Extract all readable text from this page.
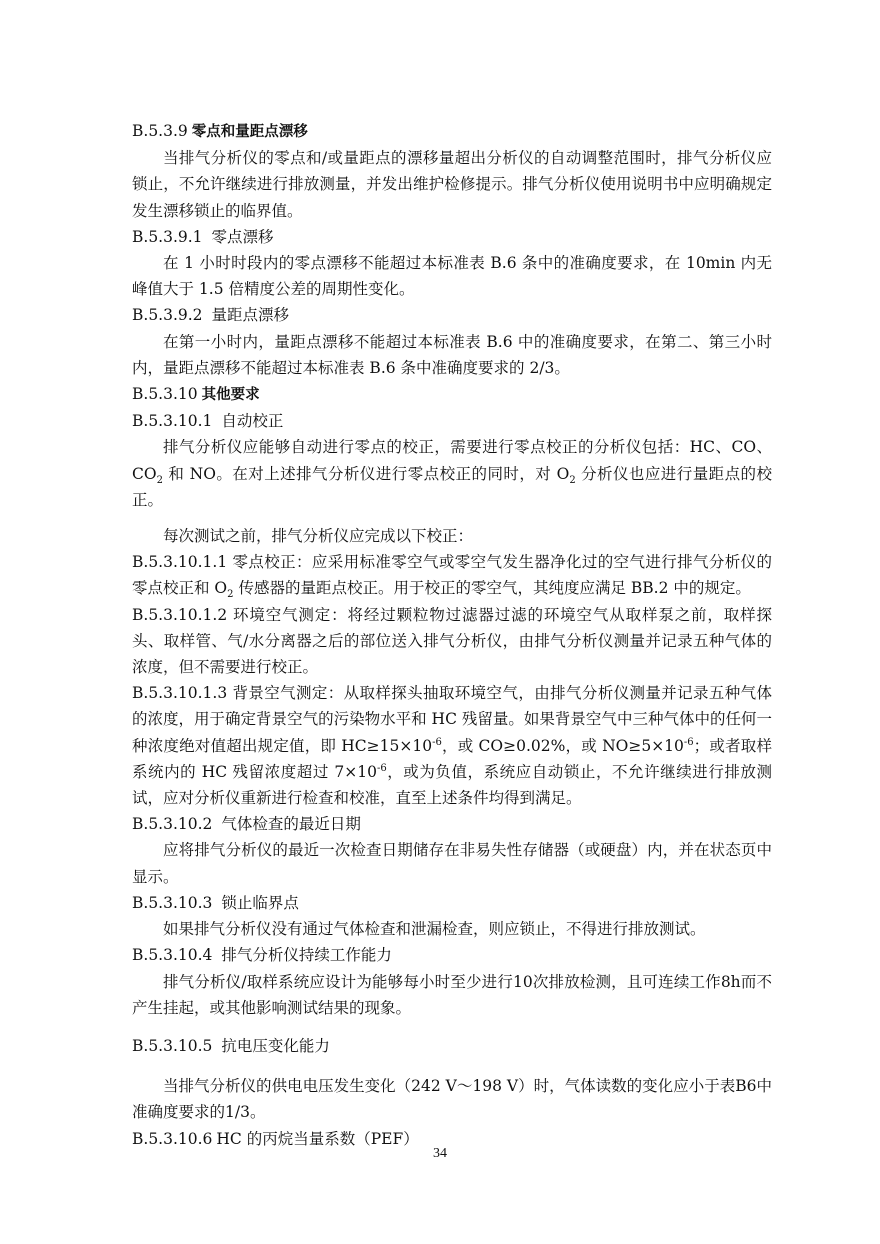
B.5.3.9 零点和量距点漂移

当排气分析仪的零点和/或量距点的漂移量超出分析仪的自动调整范围时，排气分析仪应锁止，不允许继续进行排放测量，并发出维护检修提示。排气分析仪使用说明书中应明确规定发生漂移锁止的临界值。

B.5.3.9.1 零点漂移

在 1 小时时段内的零点漂移不能超过本标准表 B.6 条中的准确度要求，在 10min 内无峰值大于 1.5 倍精度公差的周期性变化。

B.5.3.9.2 量距点漂移

在第一小时内，量距点漂移不能超过本标准表 B.6 中的准确度要求，在第二、第三小时内，量距点漂移不能超过本标准表 B.6 条中准确度要求的 2/3。

B.5.3.10 其他要求

B.5.3.10.1 自动校正

排气分析仪应能够自动进行零点的校正，需要进行零点校正的分析仪包括：HC、CO、$CO_2$ 和 NO。在对上述排气分析仪进行零点校正的同时，对 $O_2$ 分析仪也应进行量距点的校正。

每次测试之前，排气分析仪应完成以下校正：

B.5.3.10.1.1 零点校正：应采用标准零空气或零空气发生器净化过的空气进行排气分析仪的零点校正和 $O_2$ 传感器的量距点校正。用于校正的零空气，其纯度应满足 BB.2 中的规定。

B.5.3.10.1.2 环境空气测定：将经过颗粒物过滤器过滤的环境空气从取样泵之前，取样探头、取样管、气/水分离器之后的部位送入排气分析仪，由排气分析仪测量并记录五种气体的浓度，但不需要进行校正。

B.5.3.10.1.3 背景空气测定：从取样探头抽取环境空气，由排气分析仪测量并记录五种气体的浓度，用于确定背景空气的污染物水平和 HC 残留量。如果背景空气中三种气体中的任何一种浓度绝对值超出规定值，即 $HC\ge 15\times 10^{-6}$，或 CO≥0.02%，或 $NO\ge 5\times 10^{-6}$；或者取样系统内的 HC 残留浓度超过 $7\times 10^{-6}$，或为负值，系统应自动锁止，不允许继续进行排放测试，应对分析仪重新进行检查和校准，直至上述条件均得到满足。

B.5.3.10.2 气体检查的最近日期

应将排气分析仪的最近一次检查日期储存在非易失性存储器（或硬盘）内，并在状态页中显示。

B.5.3.10.3 锁止临界点

如果排气分析仪没有通过气体检查和泄漏检查，则应锁止，不得进行排放测试。

B.5.3.10.4 排气分析仪持续工作能力

排气分析仪/取样系统应设计为能够每小时至少进行10次排放检测，且可连续工作8h而不产生挂起，或其他影响测试结果的现象。

B.5.3.10.5 抗电压变化能力

当排气分析仪的供电电压发生变化（242 V～198 V）时，气体读数的变化应小于表B6中准确度要求的1/3。

B.5.3.10.6 HC 的丙烷当量系数（PEF）

34
